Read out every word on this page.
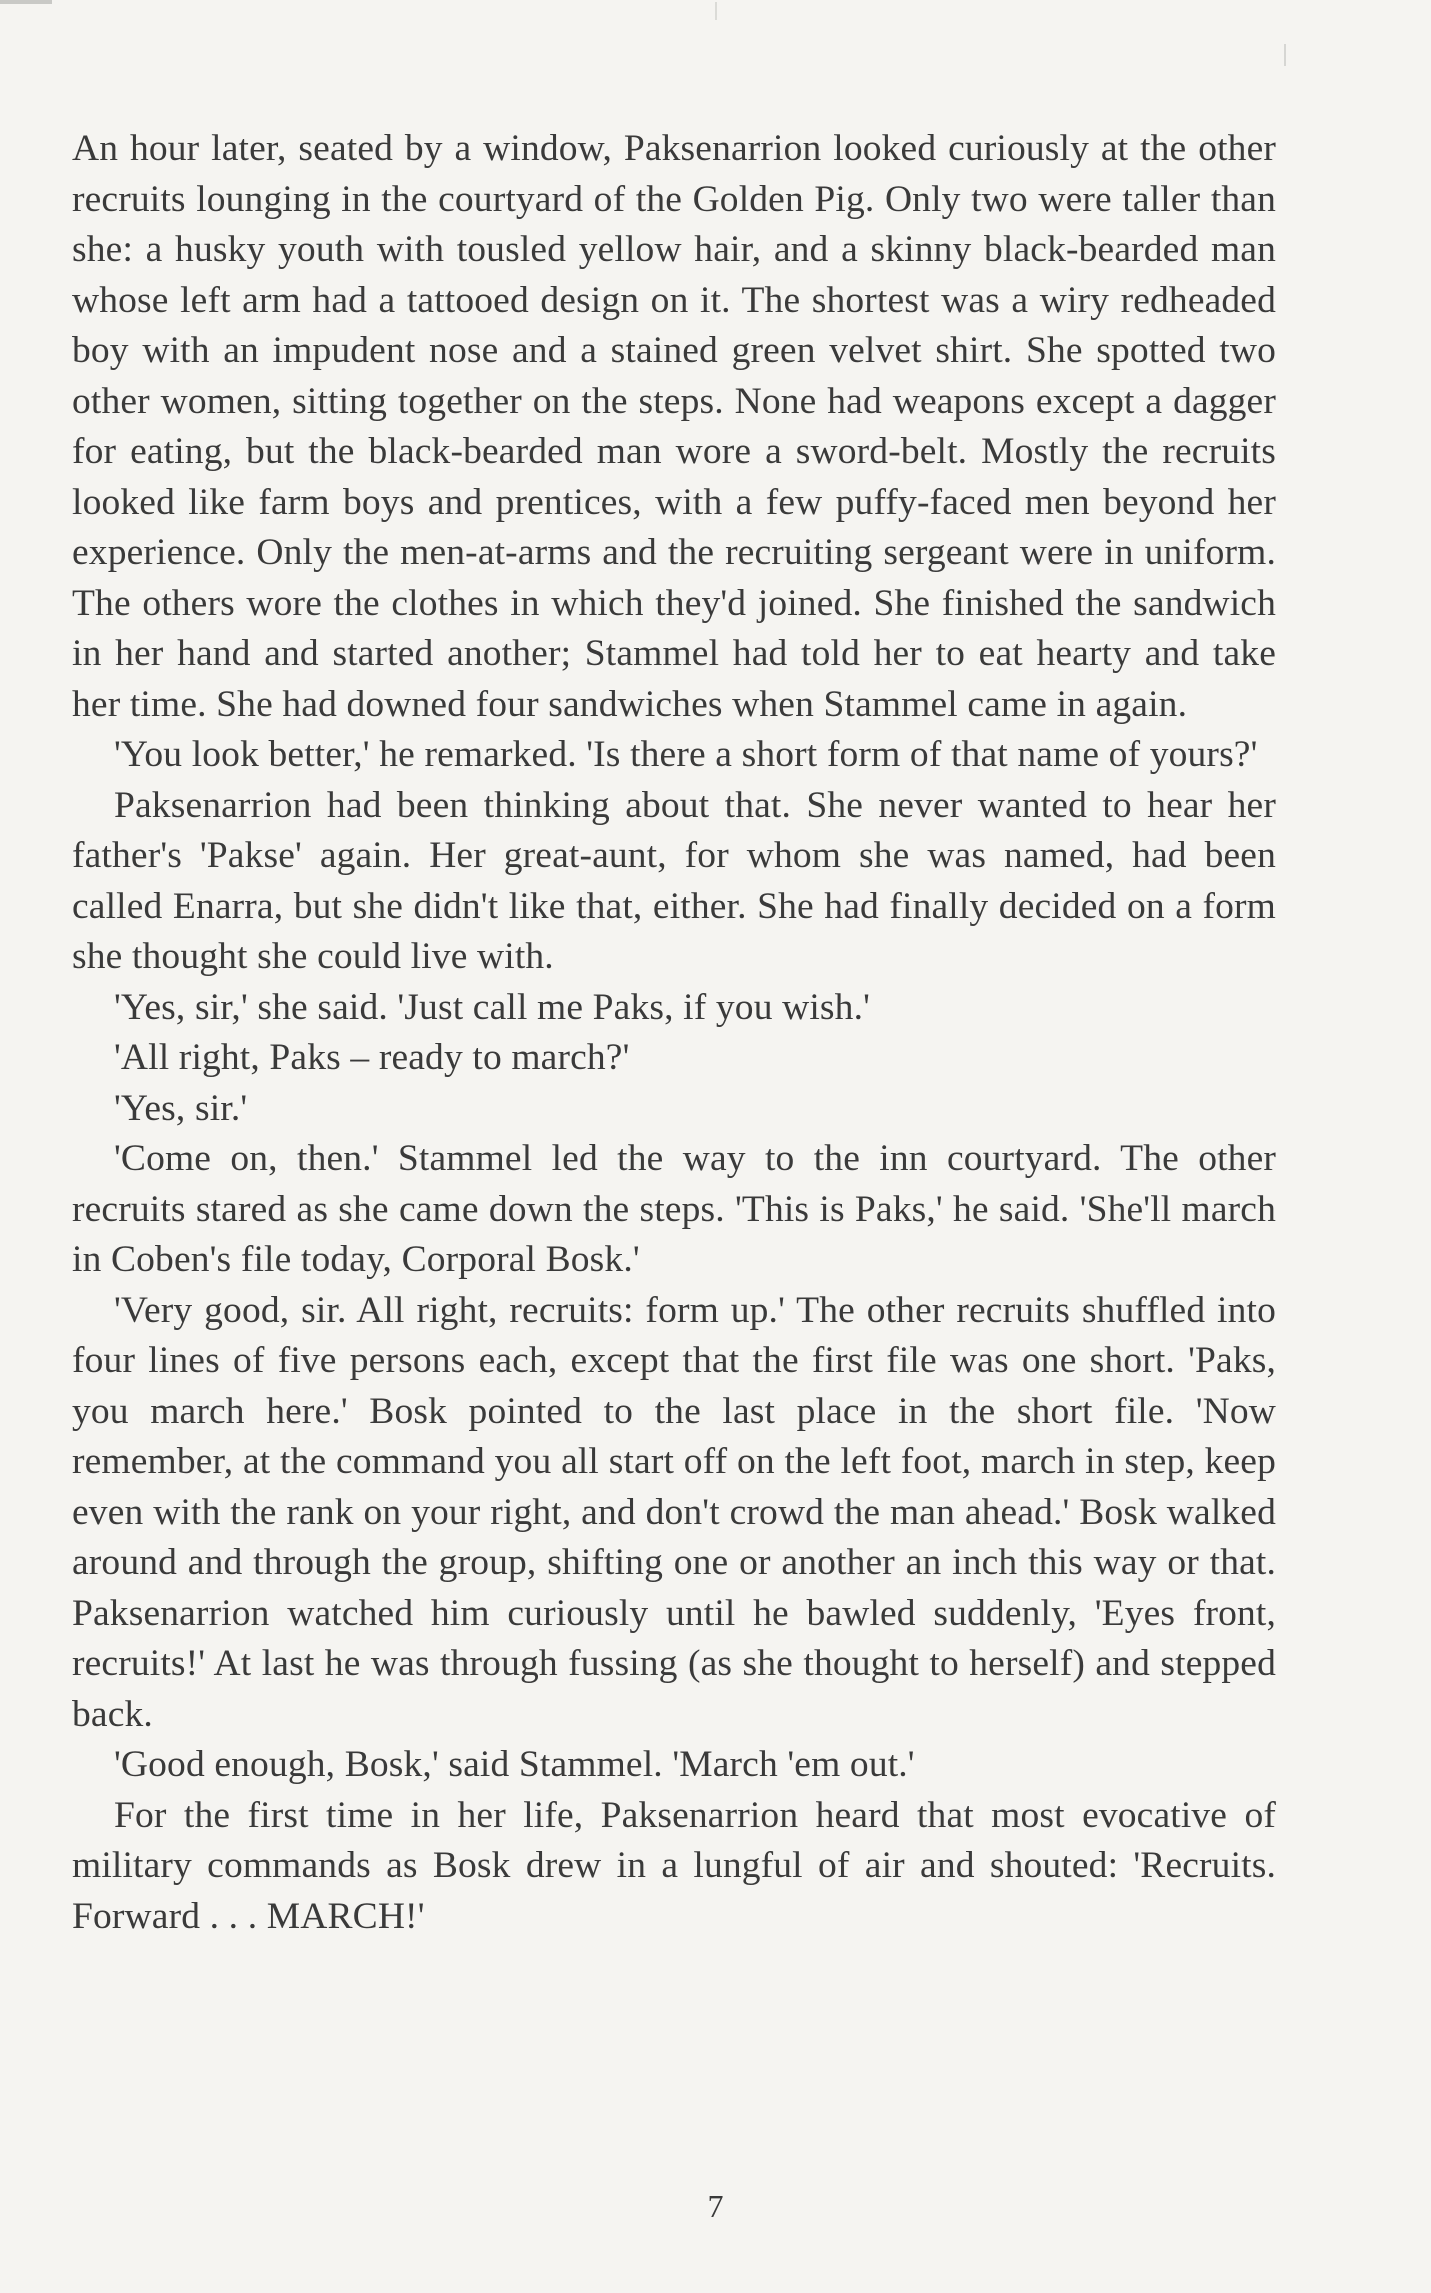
An hour later, seated by a window, Paksenarrion looked curiously at the other recruits lounging in the courtyard of the Golden Pig. Only two were taller than she: a husky youth with tousled yellow hair, and a skinny black-bearded man whose left arm had a tattooed design on it. The shortest was a wiry redheaded boy with an impudent nose and a stained green velvet shirt. She spotted two other women, sitting together on the steps. None had weapons except a dagger for eating, but the black-bearded man wore a sword-belt. Mostly the recruits looked like farm boys and prentices, with a few puffy-faced men beyond her experience. Only the men-at-arms and the recruiting sergeant were in uniform. The others wore the clothes in which they'd joined. She finished the sandwich in her hand and started another; Stammel had told her to eat hearty and take her time. She had downed four sandwiches when Stammel came in again.

'You look better,' he remarked. 'Is there a short form of that name of yours?'

Paksenarrion had been thinking about that. She never wanted to hear her father's 'Pakse' again. Her great-aunt, for whom she was named, had been called Enarra, but she didn't like that, either. She had finally decided on a form she thought she could live with.

'Yes, sir,' she said. 'Just call me Paks, if you wish.'

'All right, Paks – ready to march?'

'Yes, sir.'

'Come on, then.' Stammel led the way to the inn courtyard. The other recruits stared as she came down the steps. 'This is Paks,' he said. 'She'll march in Coben's file today, Corporal Bosk.'

'Very good, sir. All right, recruits: form up.' The other recruits shuffled into four lines of five persons each, except that the first file was one short. 'Paks, you march here.' Bosk pointed to the last place in the short file. 'Now remember, at the command you all start off on the left foot, march in step, keep even with the rank on your right, and don't crowd the man ahead.' Bosk walked around and through the group, shifting one or another an inch this way or that. Paksenarrion watched him curiously until he bawled suddenly, 'Eyes front, recruits!' At last he was through fussing (as she thought to herself) and stepped back.

'Good enough, Bosk,' said Stammel. 'March 'em out.'

For the first time in her life, Paksenarrion heard that most evocative of military commands as Bosk drew in a lungful of air and shouted: 'Recruits. Forward . . . MARCH!'

7
